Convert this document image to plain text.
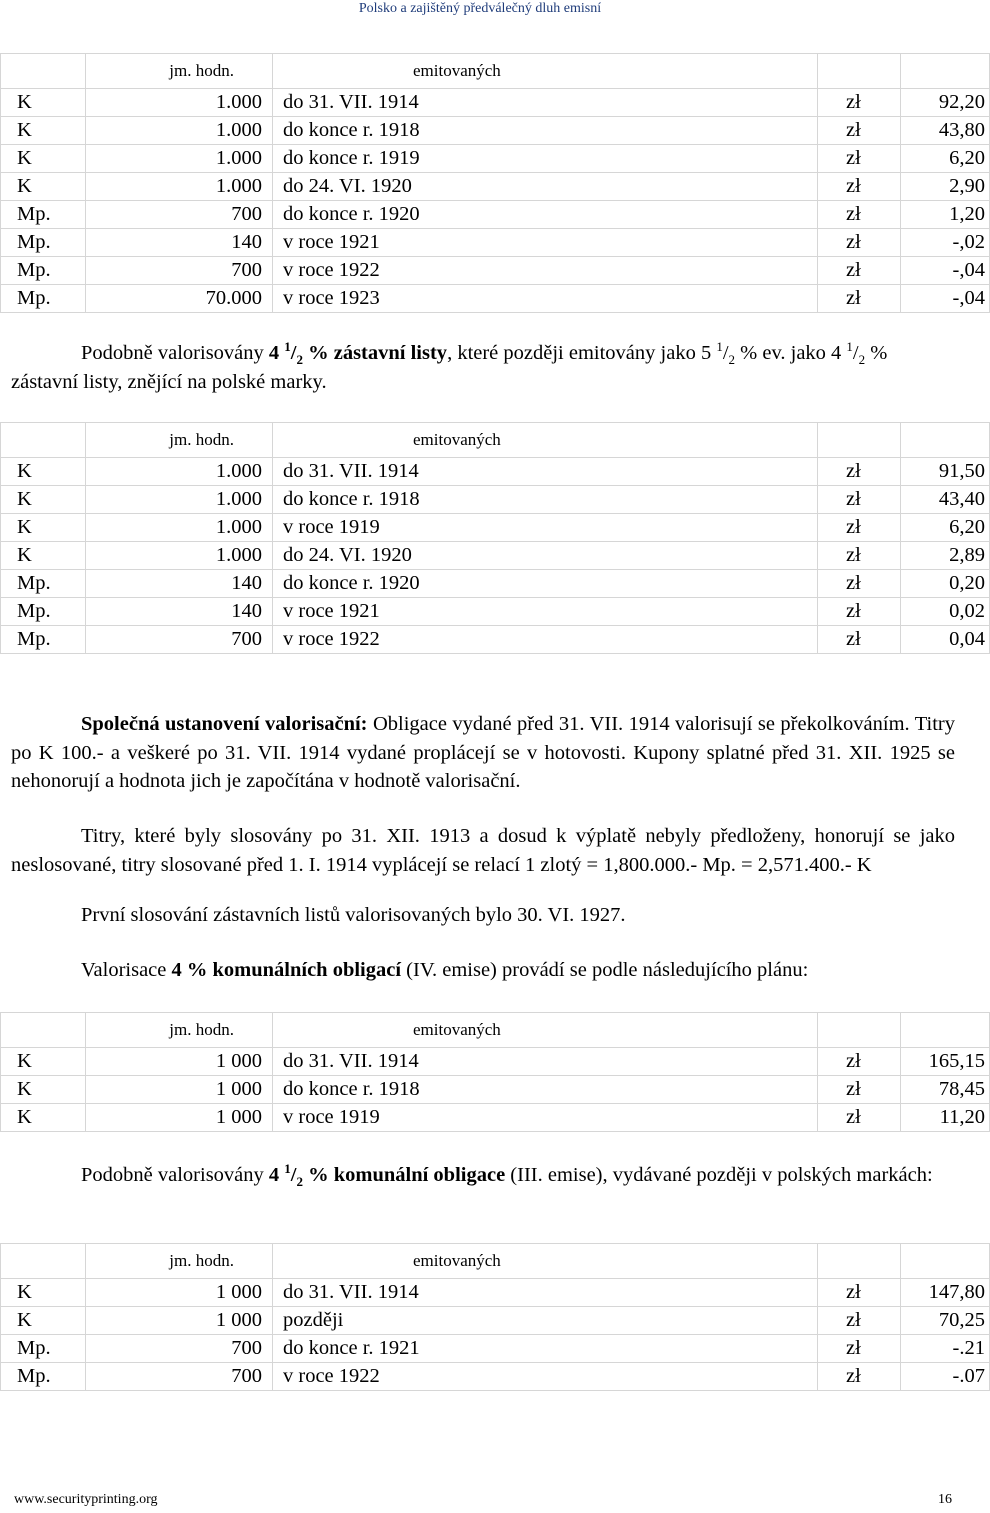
Polsko a zajištěný předválečný dluh emisní
	jm. hodn.	emitovaných			
K	1.000	do 31. VII. 1914	zł	92,20	
K	1.000	do konce r. 1918	zł	43,80	
K	1.000	do konce r. 1919	zł	6,20	
K	1.000	do 24. VI. 1920	zł	2,90	
Mp.	700	do konce r. 1920	zł	1,20	
Mp.	140	v roce 1921	zł	-,02	
Mp.	700	v roce 1922	zł	-,04	
Mp.	70.000	v roce 1923	zł	-,04	
Podobně valorisovány 4 $^1/_2$ % zástavní listy, které později emitovány jako 5 $^1/_2$ % ev. jako 4 $^1/_2$ % zástavní listy, znějící na polské marky.
	jm. hodn.	emitovaných			
K	1.000	do 31. VII. 1914	zł	91,50	
K	1.000	do konce r. 1918	zł	43,40	
K	1.000	v roce 1919	zł	6,20	
K	1.000	do 24. VI. 1920	zł	2,89	
Mp.	140	do konce r. 1920	zł	0,20	
Mp.	140	v roce 1921	zł	0,02	
Mp.	700	v roce 1922	zł	0,04	
Společná ustanovení valorisační: Obligace vydané před 31. VII. 1914 valorisují se překolkováním. Titry po K 100.- a veškeré po 31. VII. 1914 vydané proplácejí se v hotovosti. Kupony splatné před 31. XII. 1925 se nehonorují a hodnota jich je započítána v hodnotě valorisační.
Titry, které byly slosovány po 31. XII. 1913 a dosud k výplatě nebyly předloženy, honorují se jako neslosované, titry slosované před 1. I. 1914 vyplácejí se relací 1 zlotý = 1,800.000.- Mp. = 2,571.400.- K
První slosování zástavních listů valorisovaných bylo 30. VI. 1927.
Valorisace 4 % komunálních obligací (IV. emise) provádí se podle následujícího plánu:
	jm. hodn.	emitovaných			
K	1 000	do 31. VII. 1914	zł	165,15	
K	1 000	do konce r. 1918	zł	78,45	
K	1 000	v roce 1919	zł	11,20	
Podobně valorisovány 4 $^1/_2$ % komunální obligace (III. emise), vydávané později v polských markách:
	jm. hodn.	emitovaných			
K	1 000	do 31. VII. 1914	zł	147,80	
K	1 000	později	zł	70,25	
Mp.	700	do konce r. 1921	zł	-.21	
Mp.	700	v roce 1922	zł	-.07	
www.securityprinting.org	16
